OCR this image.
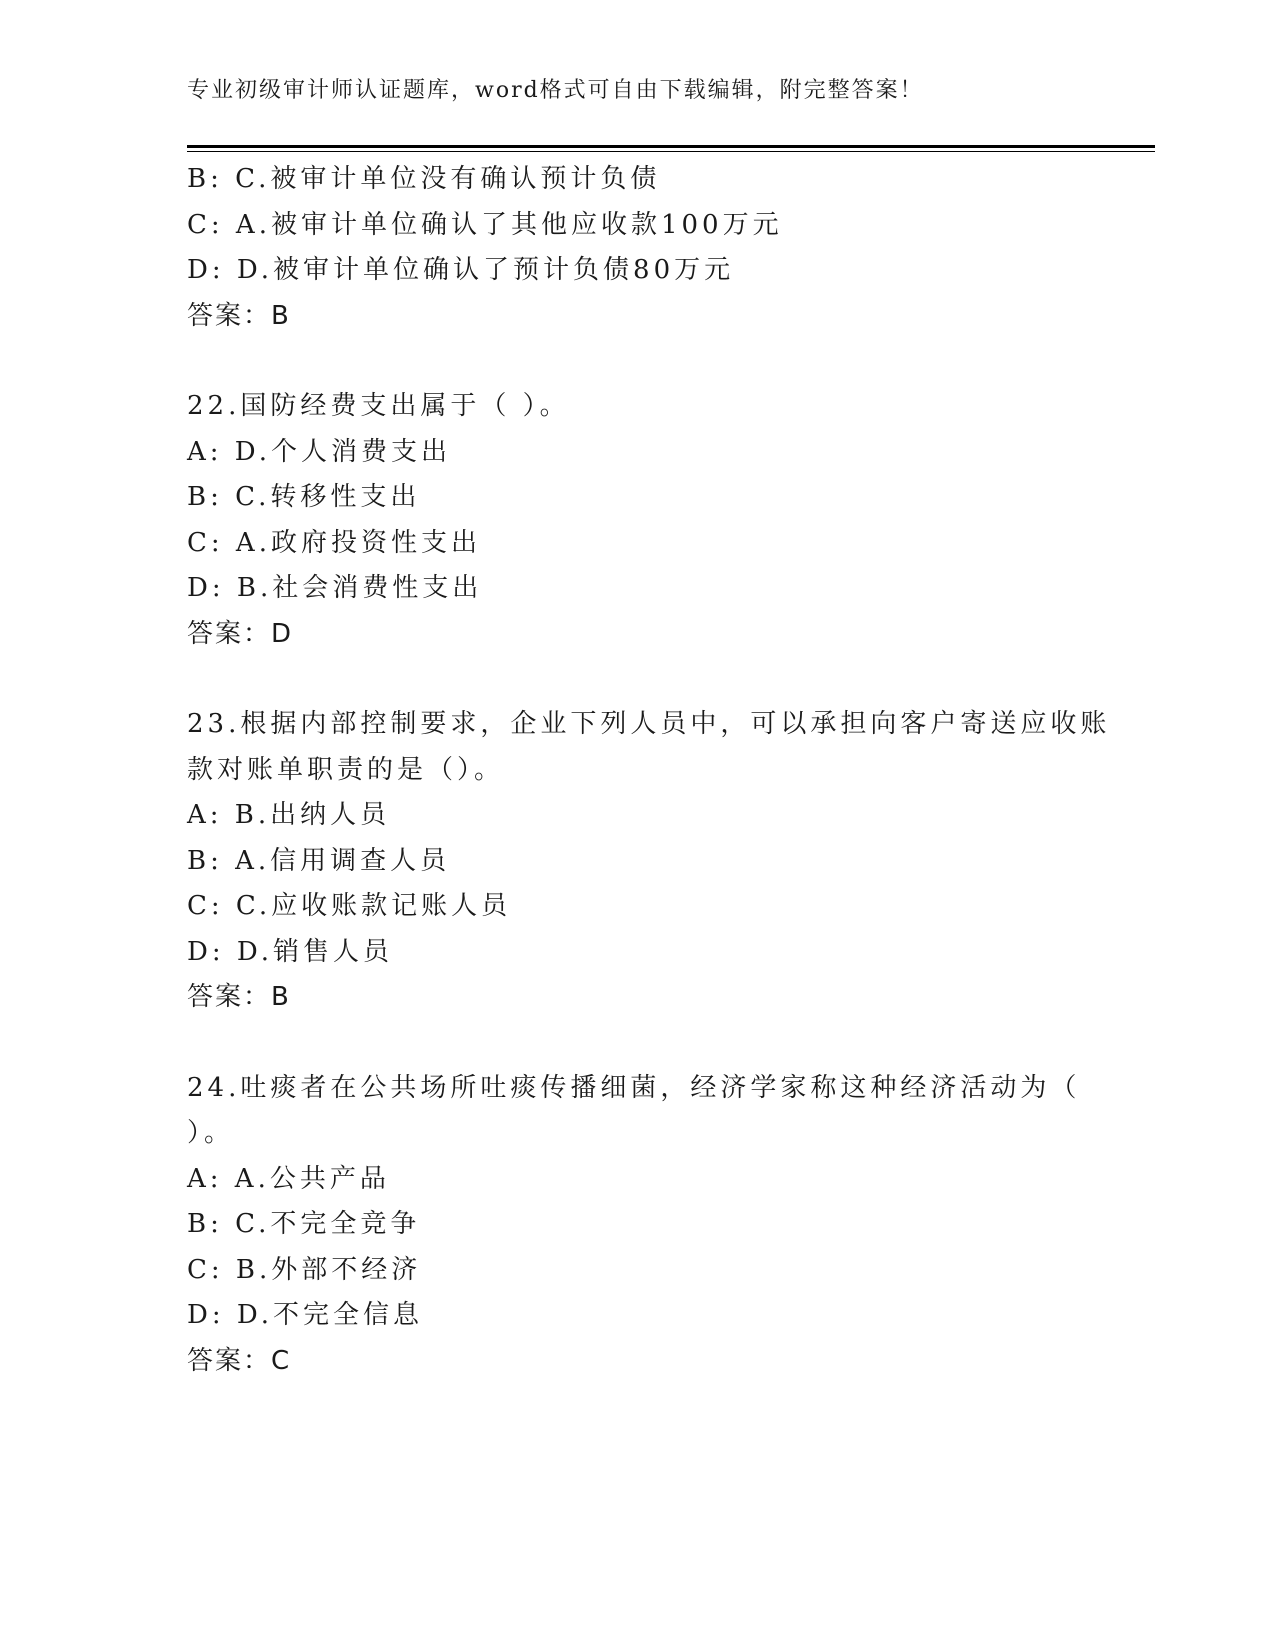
专业初级审计师认证题库，word格式可自由下载编辑，附完整答案！
B: C.被审计单位没有确认预计负债
C: A.被审计单位确认了其他应收款100万元
D: D.被审计单位确认了预计负债80万元
答案：B
22.国防经费支出属于（ ）。
A: D.个人消费支出
B: C.转移性支出
C: A.政府投资性支出
D: B.社会消费性支出
答案：D
23.根据内部控制要求，企业下列人员中，可以承担向客户寄送应收账
款对账单职责的是（）。
A: B.出纳人员
B: A.信用调查人员
C: C.应收账款记账人员
D: D.销售人员
答案：B
24.吐痰者在公共场所吐痰传播细菌，经济学家称这种经济活动为（
）。
A: A.公共产品
B: C.不完全竞争
C: B.外部不经济
D: D.不完全信息
答案：C
